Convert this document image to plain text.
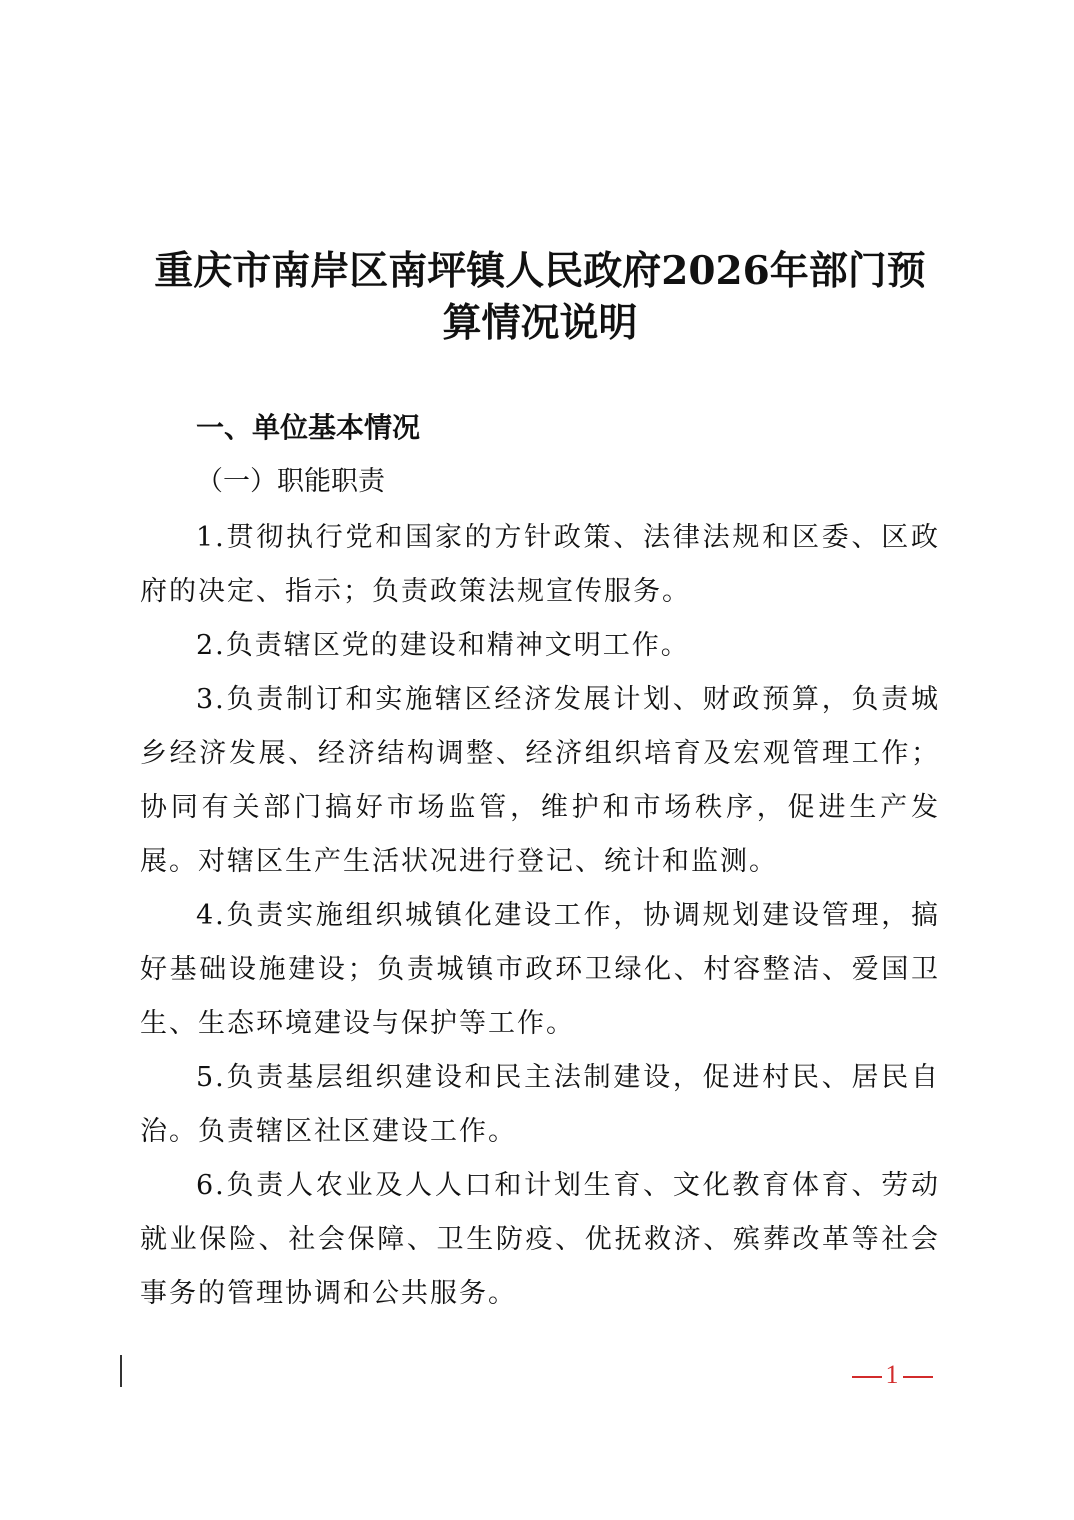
重庆市南岸区南坪镇人民政府2026年部门预
算情况说明
一、单位基本情况
（一）职能职责
1.贯彻执行党和国家的方针政策、法律法规和区委、区政府的决定、指示；负责政策法规宣传服务。
2.负责辖区党的建设和精神文明工作。
3.负责制订和实施辖区经济发展计划、财政预算，负责城乡经济发展、经济结构调整、经济组织培育及宏观管理工作；协同有关部门搞好市场监管，维护和市场秩序，促进生产发展。对辖区生产生活状况进行登记、统计和监测。
4.负责实施组织城镇化建设工作，协调规划建设管理，搞好基础设施建设；负责城镇市政环卫绿化、村容整洁、爱国卫生、生态环境建设与保护等工作。
5.负责基层组织建设和民主法制建设，促进村民、居民自治。负责辖区社区建设工作。
6.负责人农业及人人口和计划生育、文化教育体育、劳动就业保险、社会保障、卫生防疫、优抚救济、殡葬改革等社会事务的管理协调和公共服务。
1
